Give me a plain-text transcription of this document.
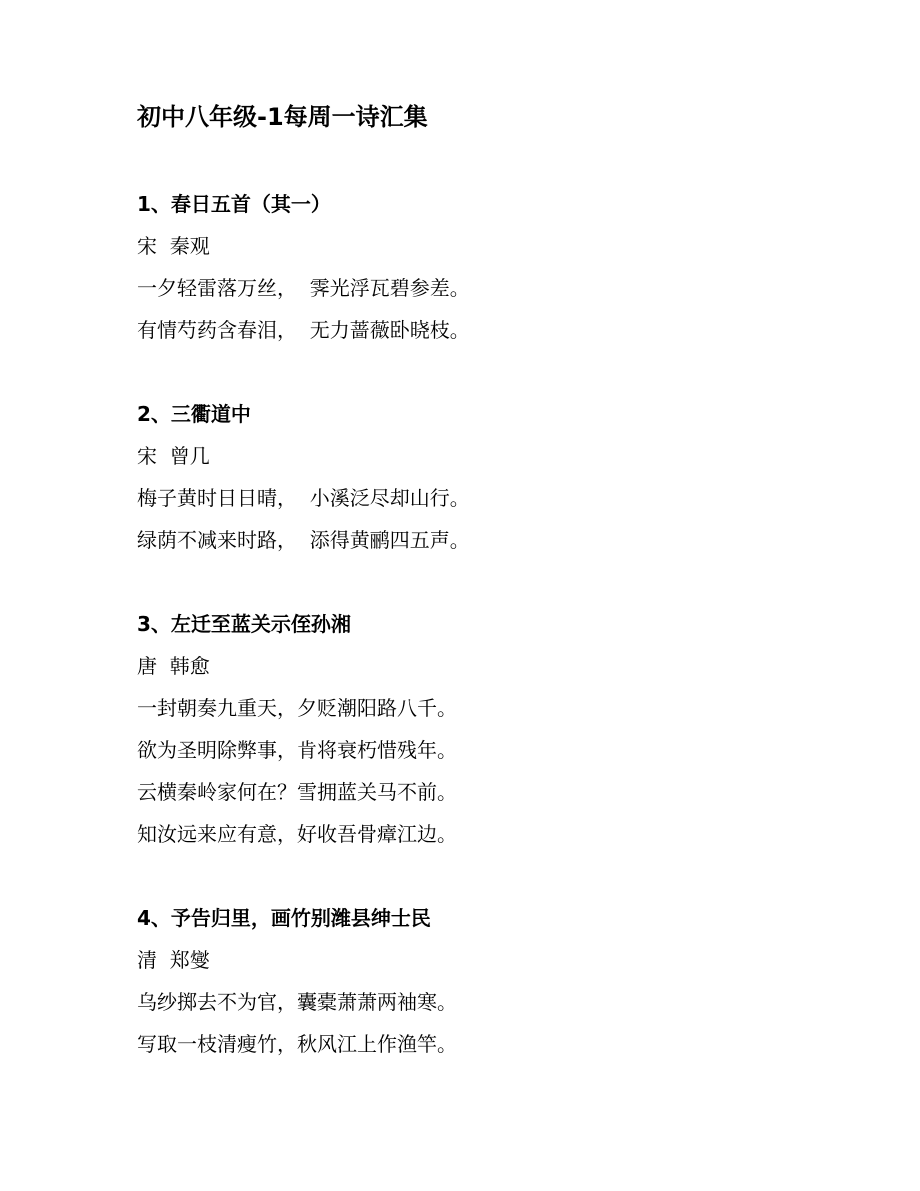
初中八年级-1每周一诗汇集
1、春日五首（其一）

宋  秦观

一夕轻雷落万丝，  霁光浮瓦碧参差。

有情芍药含春泪，  无力蔷薇卧晓枝。

2、三衢道中

宋  曾几

梅子黄时日日晴，  小溪泛尽却山行。

绿荫不减来时路，  添得黄鹂四五声。

3、左迁至蓝关示侄孙湘

唐  韩愈

一封朝奏九重天，夕贬潮阳路八千。

欲为圣明除弊事，肯将衰朽惜残年。

云横秦岭家何在？雪拥蓝关马不前。

知汝远来应有意，好收吾骨瘴江边。

4、予告归里，画竹别潍县绅士民

清  郑燮

乌纱掷去不为官，囊橐萧萧两袖寒。

写取一枝清瘦竹，秋风江上作渔竿。
